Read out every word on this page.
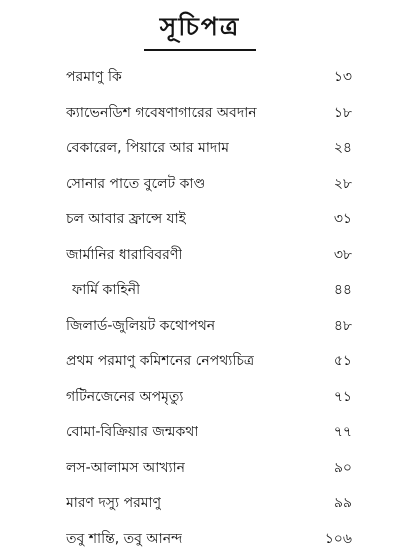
সূচিপত্র
পরমাণু কি	১৩
ক্যাভেনডিশ গবেষণাগারের অবদান	১৮
বেকারেল, পিয়ারে আর মাদাম	২৪
সোনার পাতে বুলেট কাণ্ড	২৮
চল আবার ফ্রান্সে যাই	৩১
জার্মানির ধারাবিবরণী	৩৮
ফার্মি কাহিনী	৪৪
জিলার্ড-জুলিয়ট কথোপথন	৪৮
প্রথম পরমাণু কমিশনের নেপথ্যচিত্র	৫১
গটিনজেনের অপমৃত্যু	৭১
বোমা-বিক্রিয়ার জন্মকথা	৭৭
লস-আলামস আখ্যান	৯০
মারণ দস্যু পরমাণু	৯৯
তবু শান্তি, তবু আনন্দ	১০৬
